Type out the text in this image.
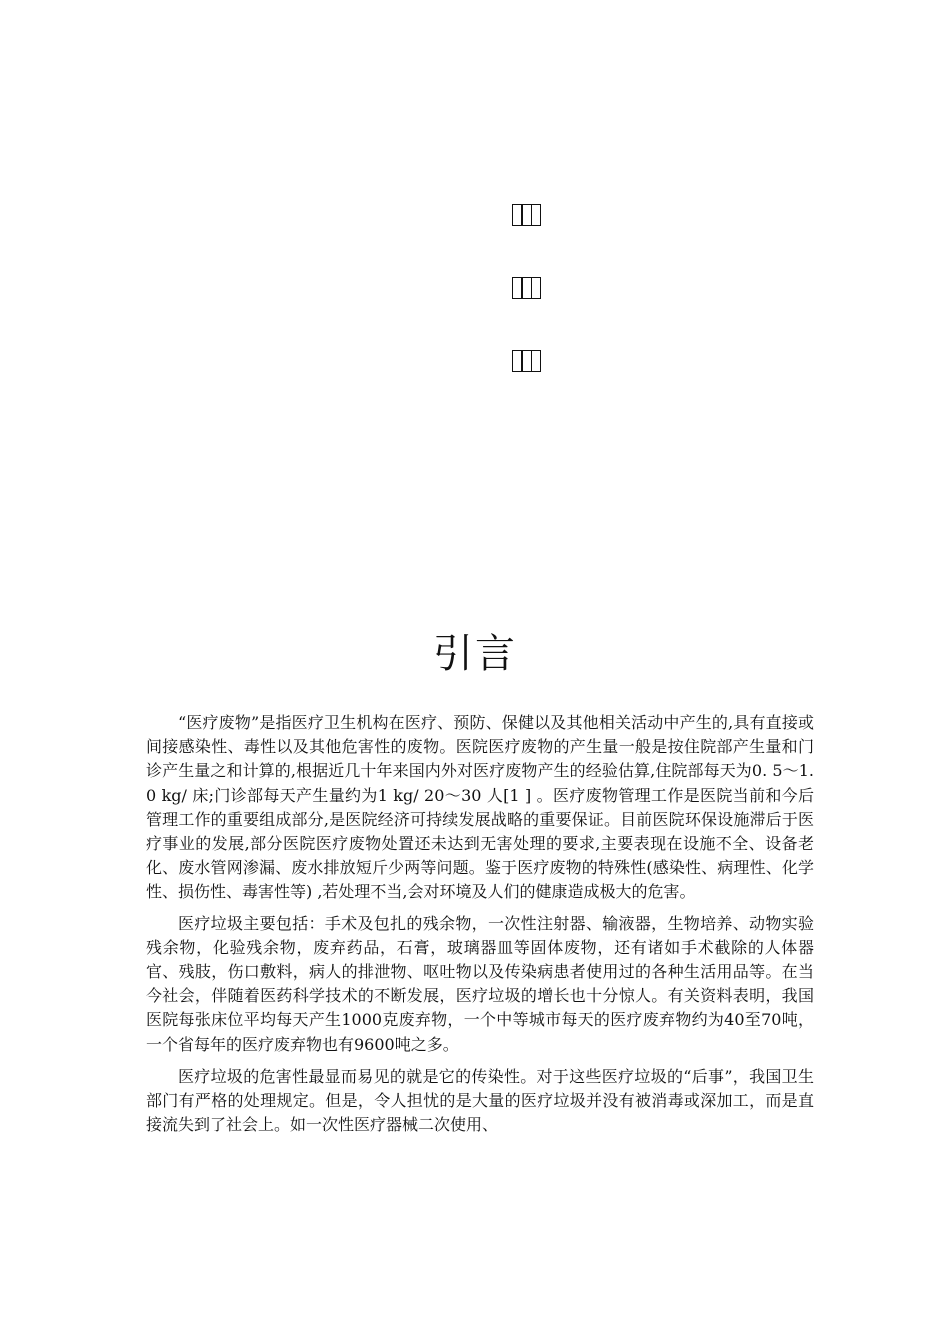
引言

“医疗废物”是指医疗卫生机构在医疗、预防、保健以及其他相关活动中产生的,具有直接或间接感染性、毒性以及其他危害性的废物。医院医疗废物的产生量一般是按住院部产生量和门诊产生量之和计算的,根据近几十年来国内外对医疗废物产生的经验估算,住院部每天为0. 5～1. 0 kg/ 床;门诊部每天产生量约为1 kg/ 20～30 人[1 ] 。医疗废物管理工作是医院当前和今后管理工作的重要组成部分,是医院经济可持续发展战略的重要保证。目前医院环保设施滞后于医疗事业的发展,部分医院医疗废物处置还未达到无害处理的要求,主要表现在设施不全、设备老化、废水管网渗漏、废水排放短斤少两等问题。鉴于医疗废物的特殊性(感染性、病理性、化学性、损伤性、毒害性等) ,若处理不当,会对环境及人们的健康造成极大的危害。

医疗垃圾主要包括：手术及包扎的残余物，一次性注射器、输液器，生物培养、动物实验残余物，化验残余物，废弃药品，石膏，玻璃器皿等固体废物，还有诸如手术截除的人体器官、残肢，伤口敷料，病人的排泄物、呕吐物以及传染病患者使用过的各种生活用品等。在当今社会，伴随着医药科学技术的不断发展，医疗垃圾的增长也十分惊人。有关资料表明，我国医院每张床位平均每天产生1000克废弃物，一个中等城市每天的医疗废弃物约为40至70吨，一个省每年的医疗废弃物也有9600吨之多。

医疗垃圾的危害性最显而易见的就是它的传染性。对于这些医疗垃圾的“后事”，我国卫生部门有严格的处理规定。但是，令人担忧的是大量的医疗垃圾并没有被消毒或深加工，而是直接流失到了社会上。如一次性医疗器械二次使用、
